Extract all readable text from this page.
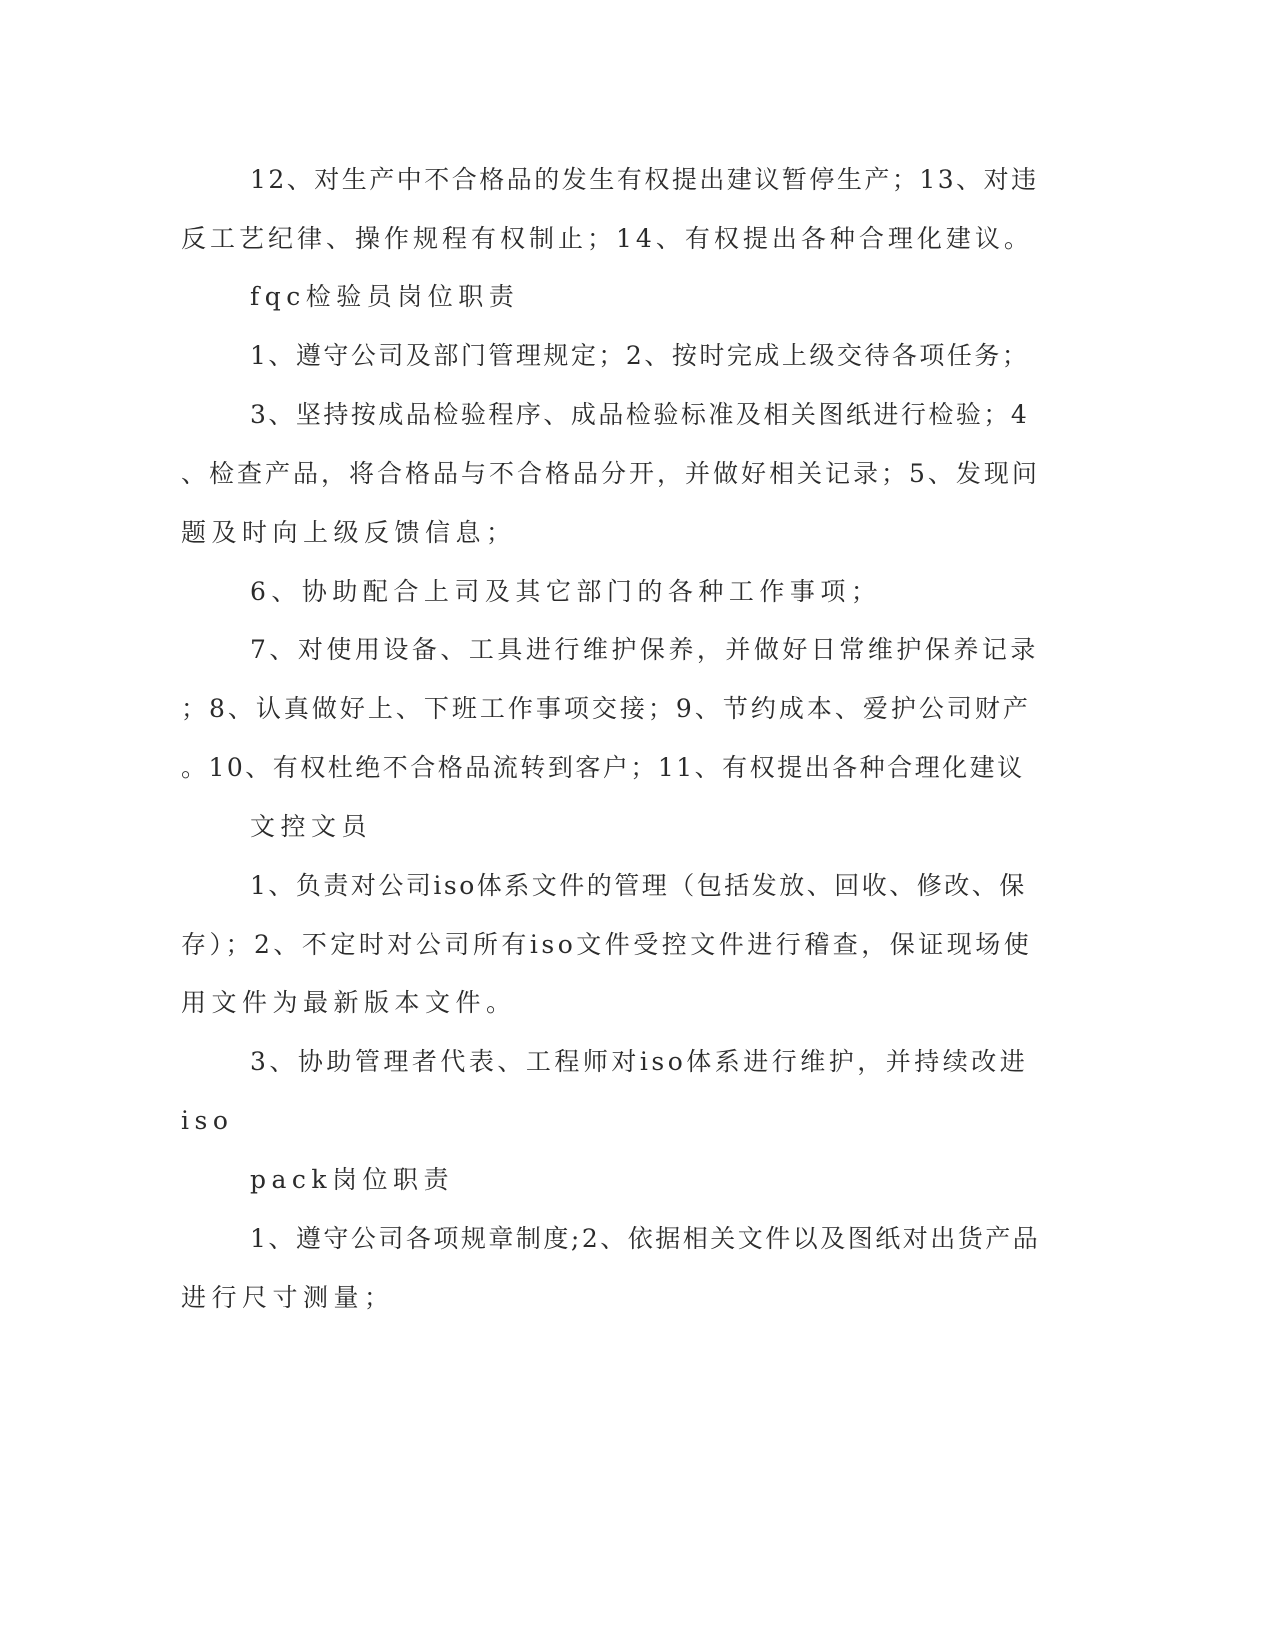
12、对生产中不合格品的发生有权提出建议暂停生产；13、对违
反工艺纪律、操作规程有权制止；14、有权提出各种合理化建议。
fqc检验员岗位职责
1、遵守公司及部门管理规定；2、按时完成上级交待各项任务；
3、坚持按成品检验程序、成品检验标准及相关图纸进行检验；4
、检查产品，将合格品与不合格品分开，并做好相关记录；5、发现问
题及时向上级反馈信息；
6、协助配合上司及其它部门的各种工作事项；
7、对使用设备、工具进行维护保养，并做好日常维护保养记录
；8、认真做好上、下班工作事项交接；9、节约成本、爱护公司财产
。10、有权杜绝不合格品流转到客户；11、有权提出各种合理化建议
文控文员
1、负责对公司iso体系文件的管理（包括发放、回收、修改、保
存）；2、不定时对公司所有iso文件受控文件进行稽查，保证现场使
用文件为最新版本文件。
3、协助管理者代表、工程师对iso体系进行维护，并持续改进
iso
pack岗位职责
1、遵守公司各项规章制度;2、依据相关文件以及图纸对出货产品
进行尺寸测量；
